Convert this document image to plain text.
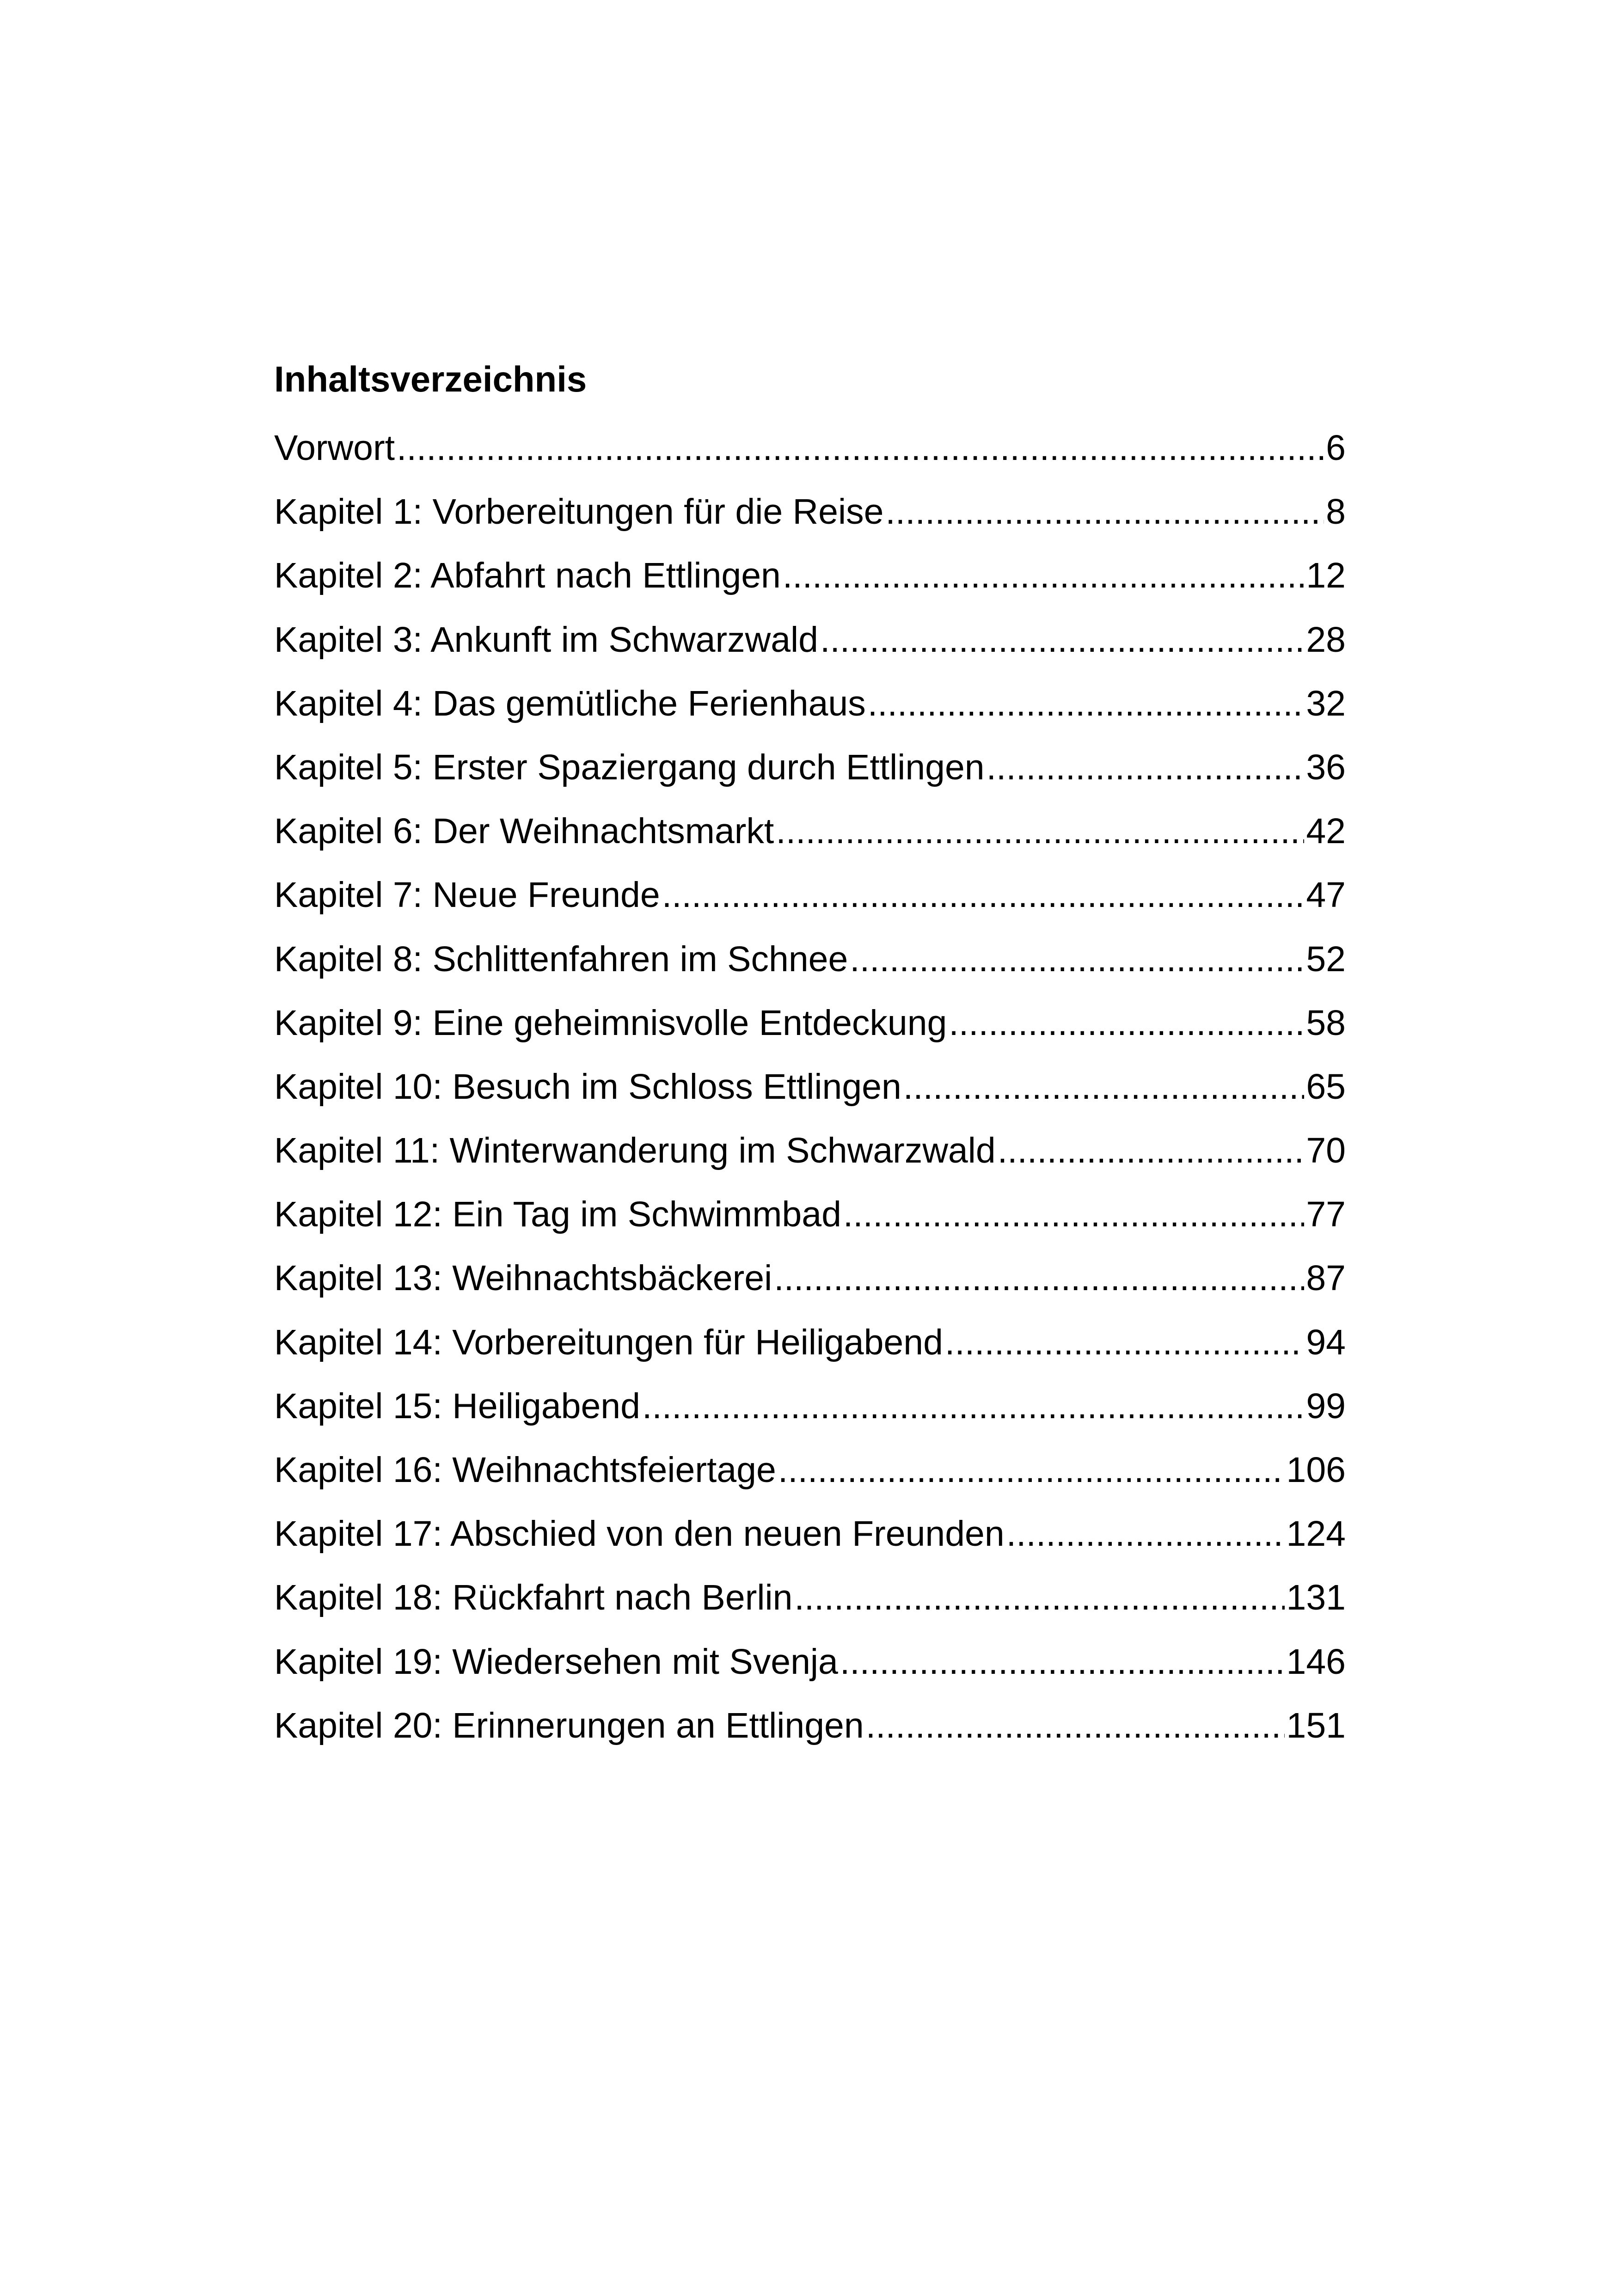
Inhaltsverzeichnis
Vorwort .....	6
Kapitel 1: Vorbereitungen für die Reise .....	8
Kapitel 2: Abfahrt nach Ettlingen .....	12
Kapitel 3: Ankunft im Schwarzwald .....	28
Kapitel 4: Das gemütliche Ferienhaus .....	32
Kapitel 5: Erster Spaziergang durch Ettlingen .....	36
Kapitel 6: Der Weihnachtsmarkt .....	42
Kapitel 7: Neue Freunde .....	47
Kapitel 8: Schlittenfahren im Schnee .....	52
Kapitel 9: Eine geheimnisvolle Entdeckung .....	58
Kapitel 10: Besuch im Schloss Ettlingen .....	65
Kapitel 11: Winterwanderung im Schwarzwald .....	70
Kapitel 12: Ein Tag im Schwimmbad .....	77
Kapitel 13: Weihnachtsbäckerei .....	87
Kapitel 14: Vorbereitungen für Heiligabend .....	94
Kapitel 15: Heiligabend .....	99
Kapitel 16: Weihnachtsfeiertage .....	106
Kapitel 17: Abschied von den neuen Freunden .....	124
Kapitel 18: Rückfahrt nach Berlin .....	131
Kapitel 19: Wiedersehen mit Svenja .....	146
Kapitel 20: Erinnerungen an Ettlingen .....	151
